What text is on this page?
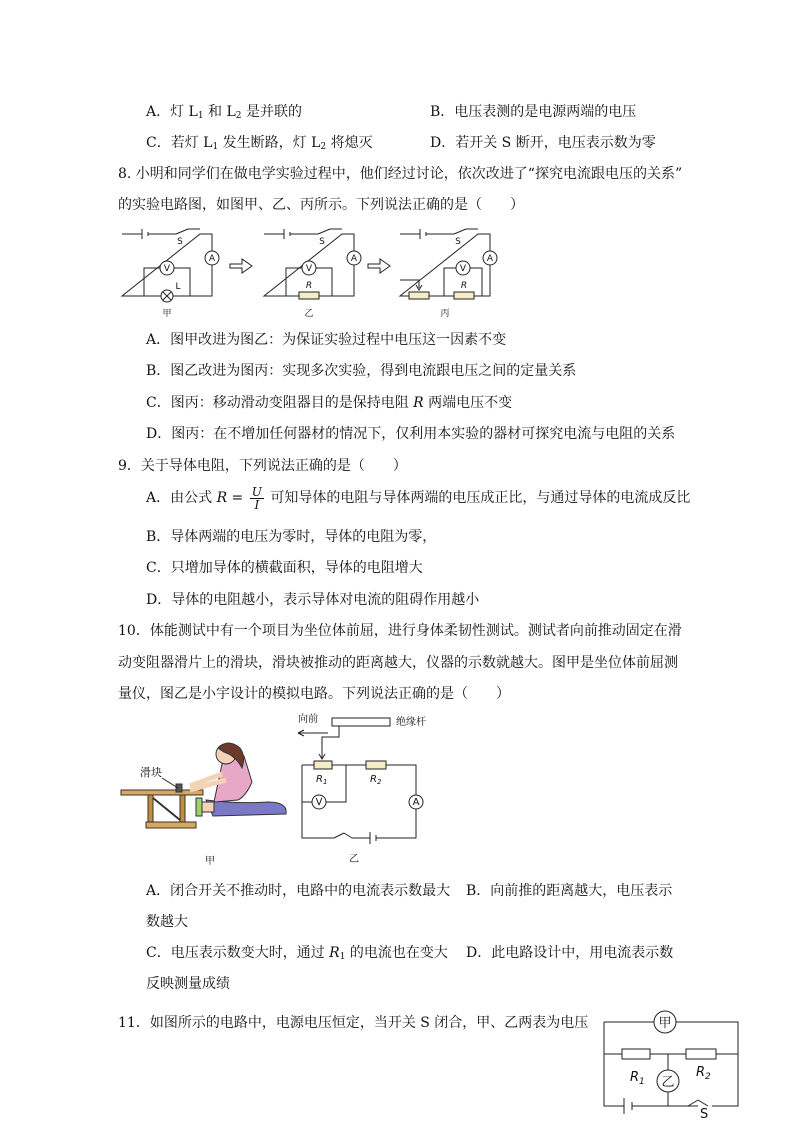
A．灯 $L_1$ 和 $L_2$ 是并联的	B．电压表测的是电源两端的电压
C．若灯 $L_1$ 发生断路，灯 $L_2$ 将熄灭	D．若开关 S 断开，电压表示数为零
8. 小明和同学们在做电学实验过程中，他们经过讨论，依次改进了“探究电流跟电压的关系”
的实验电路图，如图甲、乙、丙所示。下列说法正确的是（　　）
S
V
A
L
S
V
A
R
S
V
A
R
甲	乙	丙
A．图甲改进为图乙：为保证实验过程中电压这一因素不变
B．图乙改进为图丙：实现多次实验，得到电流跟电压之间的定量关系
C．图丙：移动滑动变阻器目的是保持电阻 R 两端电压不变
D．图丙：在不增加任何器材的情况下，仅利用本实验的器材可探究电流与电阻的关系
9．关于导体电阻，下列说法正确的是（　　）
A．由公式 $R = \frac{U}{I}$ 可知导体的电阻与导体两端的电压成正比，与通过导体的电流成反比
B．导体两端的电压为零时，导体的电阻为零，
C．只增加导体的横截面积，导体的电阻增大
D．导体的电阻越小，表示导体对电流的阻碍作用越小
10．体能测试中有一个项目为坐位体前屈，进行身体柔韧性测试。测试者向前推动固定在滑
动变阻器滑片上的滑块，滑块被推动的距离越大，仪器的示数就越大。图甲是坐位体前屈测
量仪，图乙是小宇设计的模拟电路。下列说法正确的是（　　）
滑块
甲
向前	绝缘杆
$R_1$	$R_2$
V	A
乙
A．闭合开关不推动时，电路中的电流表示数最大 B．向前推的距离越大，电压表示
数越大
C．电压表示数变大时，通过 $R_1$ 的电流也在变大 D．此电路设计中，用电流表示数
反映测量成绩
11．如图所示的电路中，电源电压恒定，当开关 S 闭合，甲、乙两表为电压	甲
乙
$R_1$
$R_2$
S
